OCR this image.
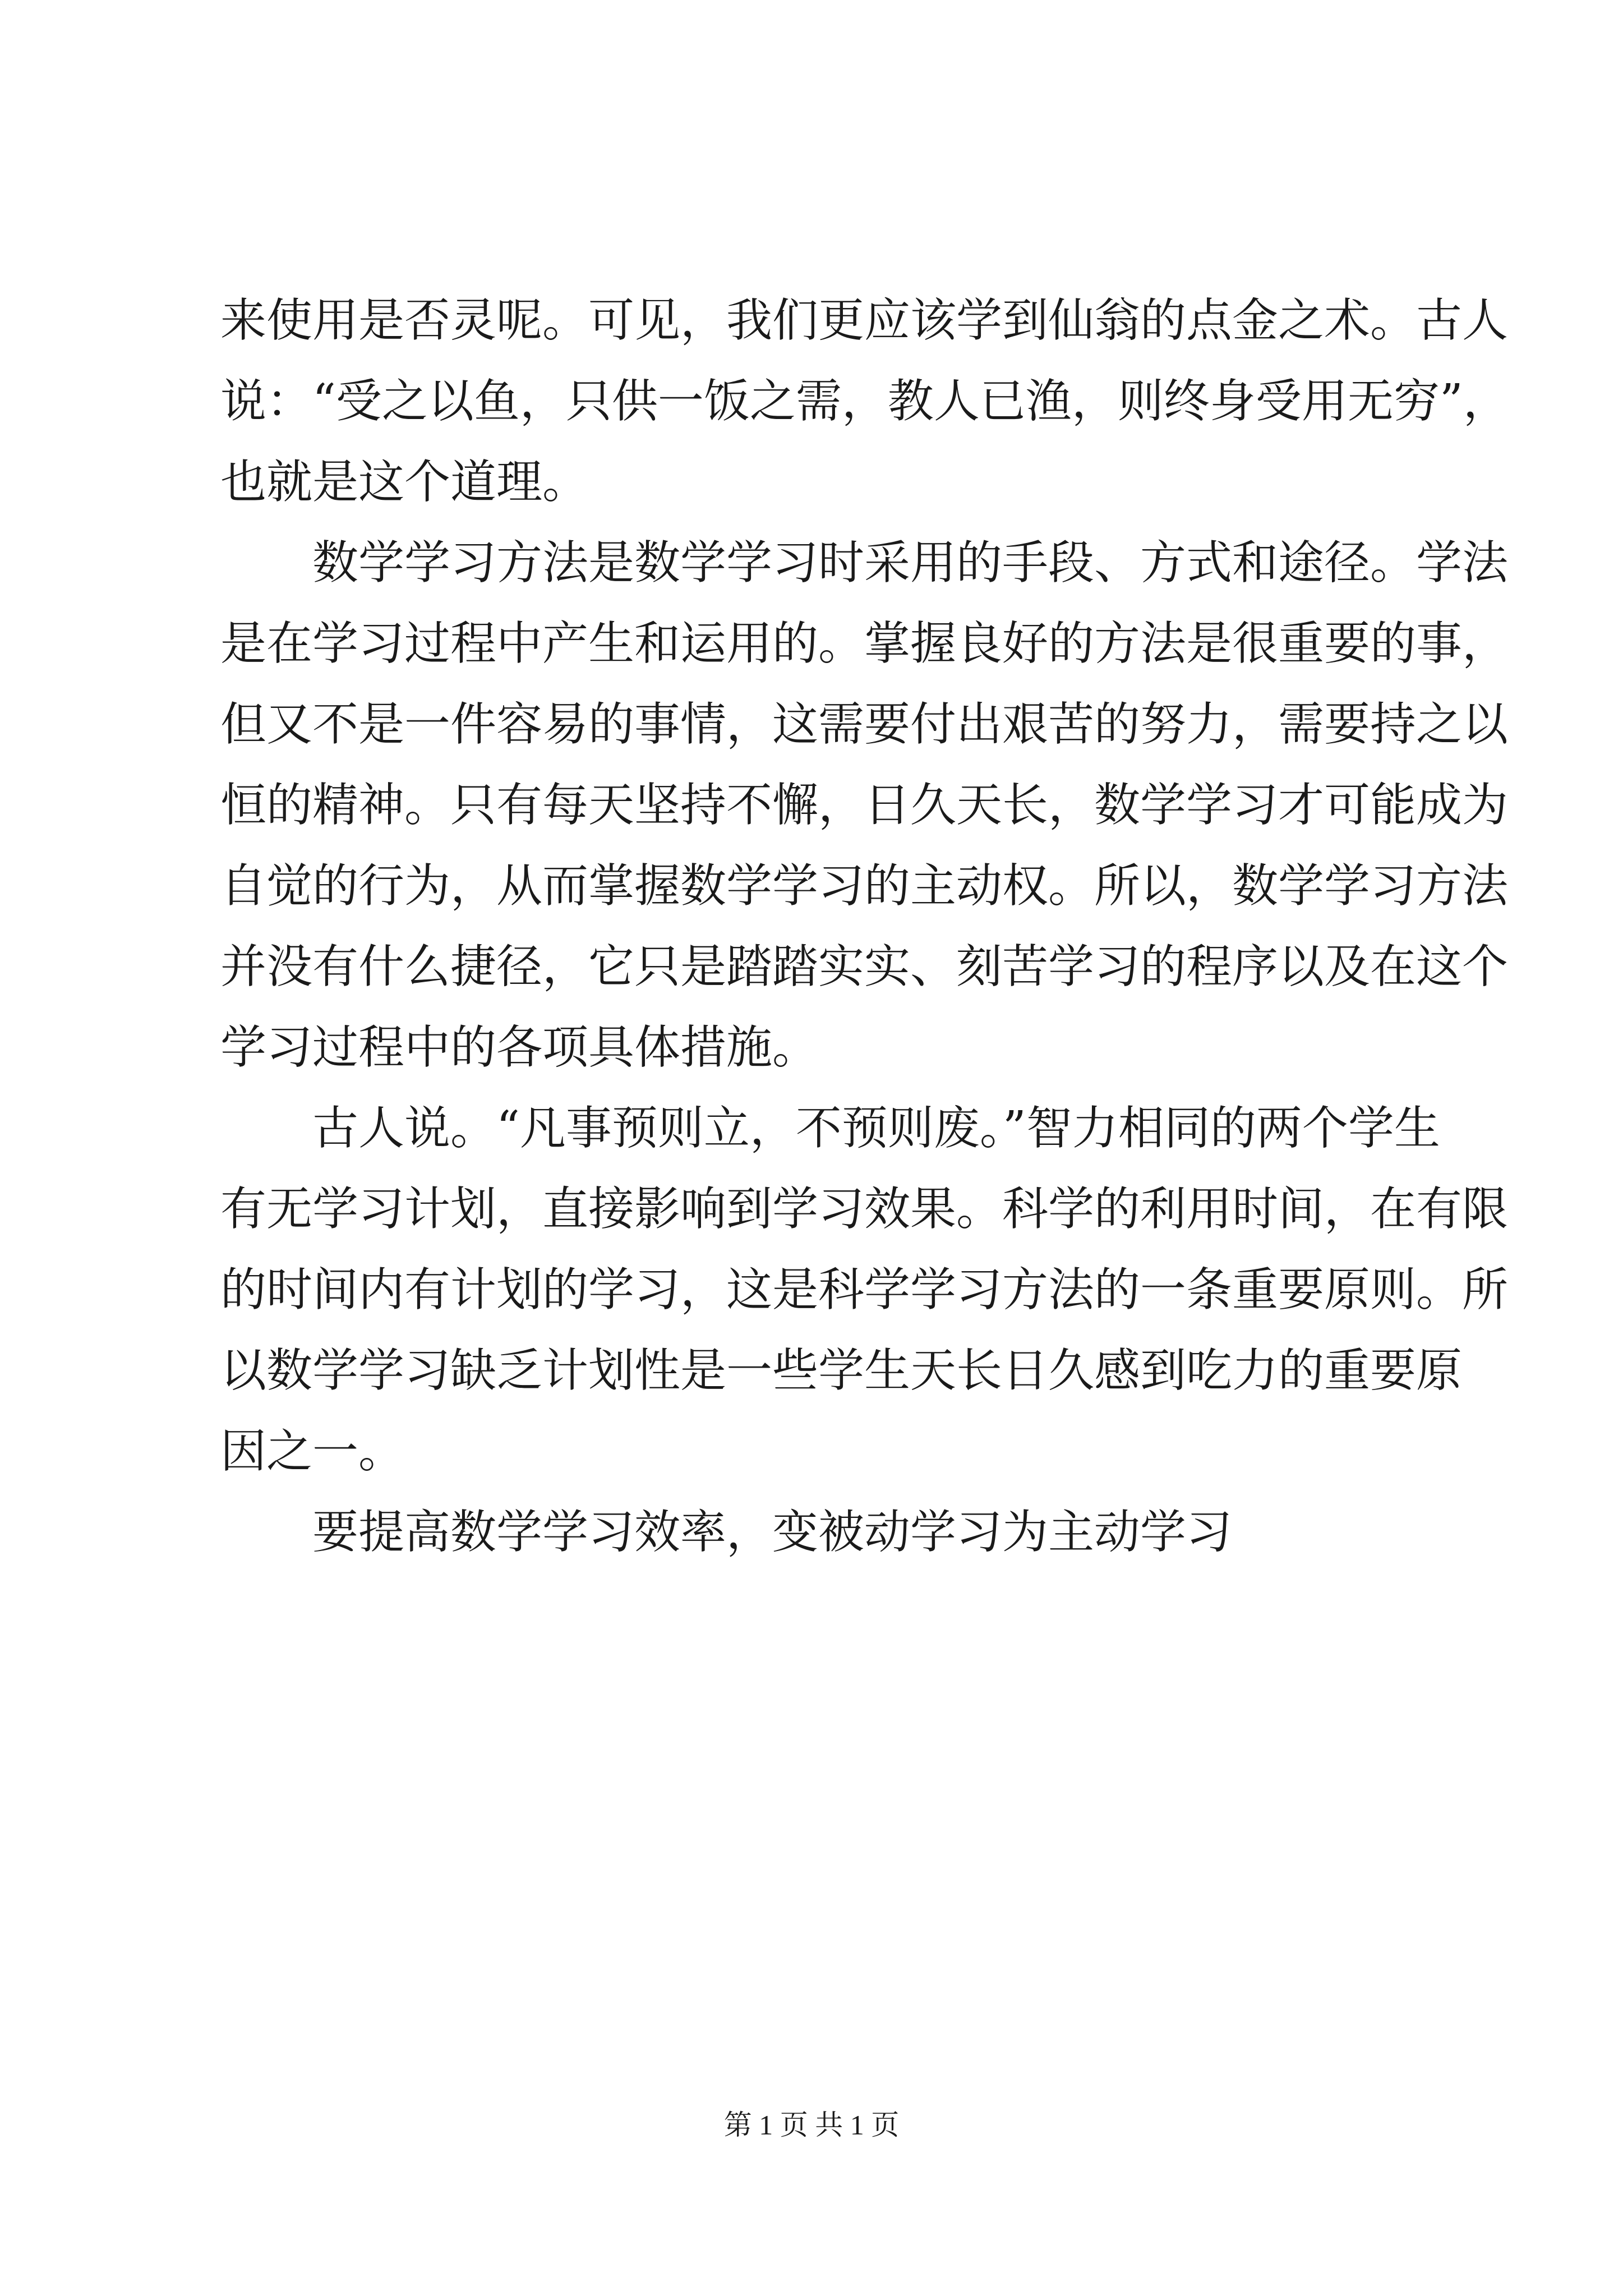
来使用是否灵呢。可见，我们更应该学到仙翁的点金之术。古人
说：“受之以鱼，只供一饭之需，教人已渔，则终身受用无穷”，
也就是这个道理。
数学学习方法是数学学习时采用的手段、方式和途径。学法
是在学习过程中产生和运用的。掌握良好的方法是很重要的事，
但又不是一件容易的事情，这需要付出艰苦的努力，需要持之以
恒的精神。只有每天坚持不懈，日久天长，数学学习才可能成为
自觉的行为，从而掌握数学学习的主动权。所以，数学学习方法
并没有什么捷径，它只是踏踏实实、刻苦学习的程序以及在这个
学习过程中的各项具体措施。
古人说。“凡事预则立，不预则废。”智力相同的两个学生
有无学习计划，直接影响到学习效果。科学的利用时间，在有限
的时间内有计划的学习，这是科学学习方法的一条重要原则。所
以数学学习缺乏计划性是一些学生天长日久感到吃力的重要原
因之一。
要提高数学学习效率，变被动学习为主动学习
第 1 页 共 1 页
